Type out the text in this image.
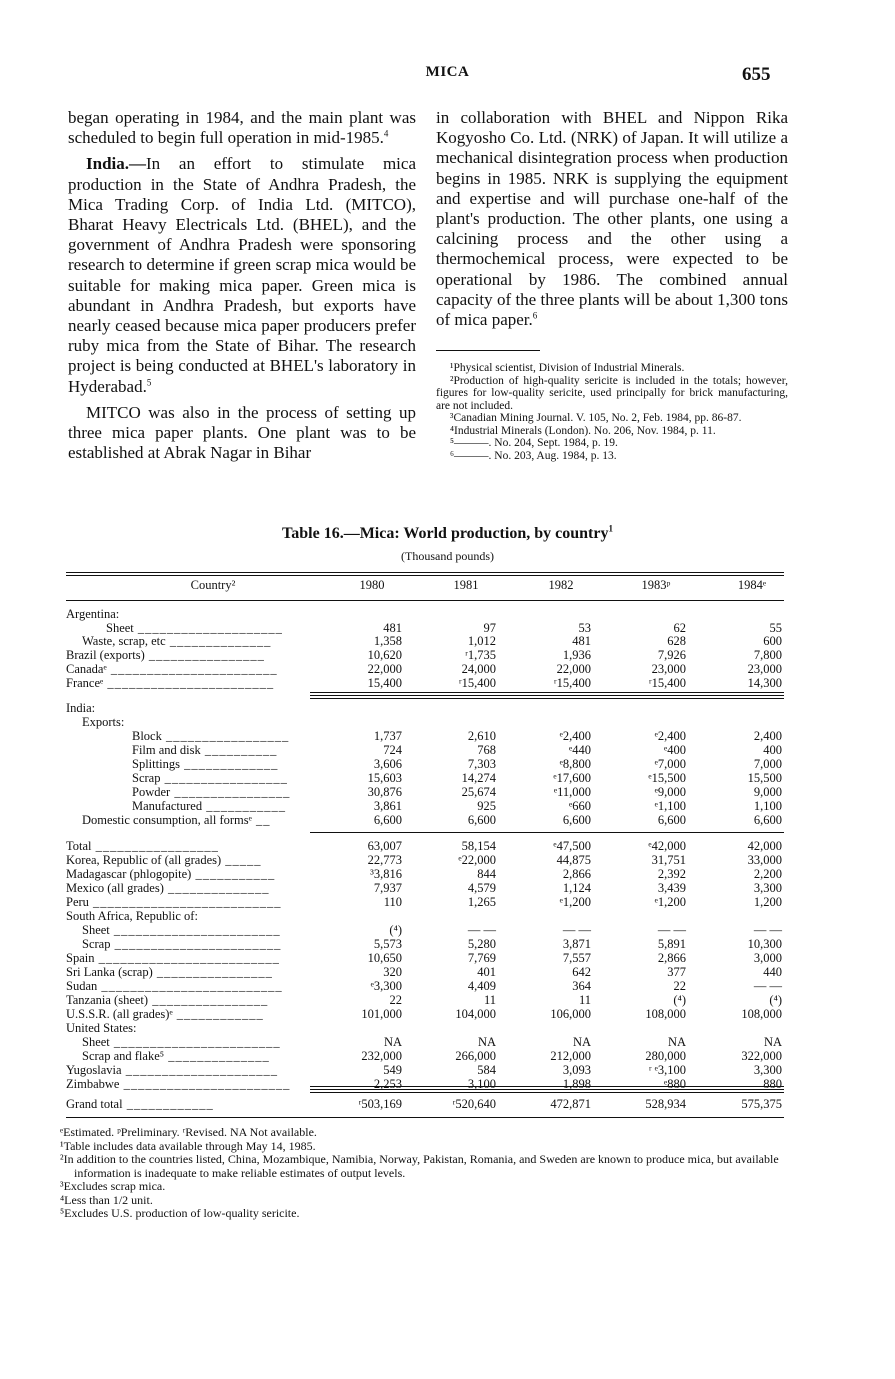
MICA	655

began operating in 1984, and the main plant was scheduled to begin full operation in mid-1985.$^4$

India.—In an effort to stimulate mica production in the State of Andhra Pradesh, the Mica Trading Corp. of India Ltd. (MITCO), Bharat Heavy Electricals Ltd. (BHEL), and the government of Andhra Pradesh were sponsoring research to determine if green scrap mica would be suitable for making mica paper. Green mica is abundant in Andhra Pradesh, but exports have nearly ceased because mica paper producers prefer ruby mica from the State of Bihar. The research project is being conducted at BHEL's laboratory in Hyderabad.$^5$

MITCO was also in the process of setting up three mica paper plants. One plant was to be established at Abrak Nagar in Bihar

in collaboration with BHEL and Nippon Rika Kogyosho Co. Ltd. (NRK) of Japan. It will utilize a mechanical disintegration process when production begins in 1985. NRK is supplying the equipment and expertise and will purchase one-half of the plant's production. The other plants, one using a calcining process and the other using a thermochemical process, were expected to be operational by 1986. The combined annual capacity of the three plants will be about 1,300 tons of mica paper.$^6$

¹Physical scientist, Division of Industrial Minerals.
²Production of high-quality sericite is included in the totals; however, figures for low-quality sericite, used principally for brick manufacturing, are not included.
³Canadian Mining Journal. V. 105, No. 2, Feb. 1984, pp. 86-87.
⁴Industrial Minerals (London). No. 206, Nov. 1984, p. 11.
⁵———. No. 204, Sept. 1984, p. 19.
⁶———. No. 203, Aug. 1984, p. 13.
Table 16.—Mica: World production, by country$^1$
(Thousand pounds)
Country²	1980	1981	1982	1983ᵖ	1984ᵉ
Argentina:
Sheet ____________________	481	97	53	62	55
Waste, scrap, etc ______________	1,358	1,012	481	628	600
Brazil (exports) ________________	10,620	ʳ1,735	1,936	7,926	7,800
Canadaᵉ _______________________	22,000	24,000	22,000	23,000	23,000
Franceᵉ _______________________	15,400	ʳ15,400	ʳ15,400	ʳ15,400	14,300
India:
Exports:
Block _________________	1,737	2,610	ᵉ2,400	ᵉ2,400	2,400
Film and disk __________	724	768	ᵉ440	ᵉ400	400
Splittings _____________	3,606	7,303	ᵉ8,800	ᵉ7,000	7,000
Scrap _________________	15,603	14,274	ᵉ17,600	ᵉ15,500	15,500
Powder ________________	30,876	25,674	ᵉ11,000	ᵉ9,000	9,000
Manufactured ___________	3,861	925	ᵉ660	ᵉ1,100	1,100
Domestic consumption, all formsᵉ __	6,600	6,600	6,600	6,600	6,600
Total _________________	63,007	58,154	ᵉ47,500	ᵉ42,000	42,000
Korea, Republic of (all grades) _____	22,773	ᵉ22,000	44,875	31,751	33,000
Madagascar (phlogopite) ___________	³3,816	844	2,866	2,392	2,200
Mexico (all grades) ______________	7,937	4,579	1,124	3,439	3,300
Peru __________________________	110	1,265	ᵉ1,200	ᵉ1,200	1,200
South Africa, Republic of:
Sheet _______________________	(⁴)	— —	— —	— —	— —
Scrap _______________________	5,573	5,280	3,871	5,891	10,300
Spain _________________________	10,650	7,769	7,557	2,866	3,000
Sri Lanka (scrap) ________________	320	401	642	377	440
Sudan _________________________	ᵉ3,300	4,409	364	22	— —
Tanzania (sheet) ________________	22	11	11	(⁴)	(⁴)
U.S.S.R. (all grades)ᵉ ____________	101,000	104,000	106,000	108,000	108,000
United States:
Sheet _______________________	NA	NA	NA	NA	NA
Scrap and flake⁵ ______________	232,000	266,000	212,000	280,000	322,000
Yugoslavia _____________________	549	584	3,093	ʳ ᵉ3,100	3,300
Zimbabwe _______________________	2,253	3,100	1,898	ᵉ880	880
Grand total ____________	ʳ503,169	ʳ520,640	472,871	528,934	575,375
ᵉEstimated. ᵖPreliminary. ʳRevised. NA Not available.
¹Table includes data available through May 14, 1985.
²In addition to the countries listed, China, Mozambique, Namibia, Norway, Pakistan, Romania, and Sweden are known to produce mica, but available information is inadequate to make reliable estimates of output levels.
³Excludes scrap mica.
⁴Less than 1/2 unit.
⁵Excludes U.S. production of low-quality sericite.
